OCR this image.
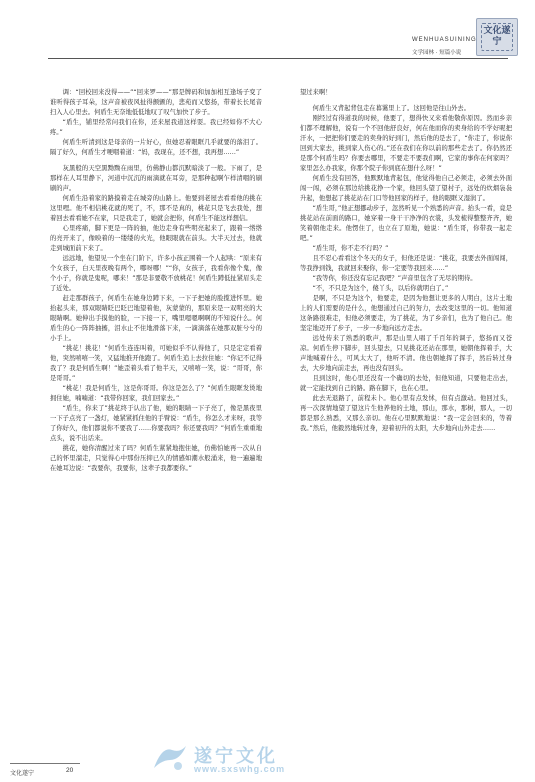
文化遂宁
WENHUASUINING
文学园林 · 短篇小说

调：“回校回来没得——”“回来罗——”那是牌码和加加相互逢场子变了谁听得孩子耳朵，这声音被夜风扯得颤颤的，悲苑而又悠扬，带着长长尾音扫入人心里去。何盾生无奈地低低地叹了叹气加快了步子。

“盾生，铺里经常问我们在你，还来屋我道这样耍。我已经如你不大心疼。”

何盾生听清到这是母亲的一片好心，但她忍着眼眶几乎就要的落泪了。隔了好久，何盾生才哽咽着道：“妈，我现在，还不想，我再想……”

灰黑般的天空黑黝黝在雨里，仿佛静山都沉默暗淡了一般。下雨了，是那样在人耳里静下，河道中沉沉的雨滴就在耳旁，是那种起啊乍样清咽的刷刷的声。

何盾生沿着家的路摸着走在城旁的山路上。他要到老屋去看看他的挑在这里哩。他不相信桃花就的死了，不，那不是真的，桃花只是飞去我处，想着回去看看她不在家，只是我走了，她就会把你，何盾生不能这样想信。

心里疼痛，脚下更是一阵的抽，他边走身有些明亮起来了，跟着一绺绺的亮开来了，像映着的一缕缕的火光，他眼眼就在前头。大半天过去，他就走到城面前下来了。

远远地，他望见一个坐在门阶下，许多小孩正围着一个人起哄：“原来有个女孩子，白天里夜晚有两个，哪呀哪！”“你，女孩子，我看你像个鬼，像个小子，你就是鬼呢，哪来！”那是非要敬不放桃花！何盾生蹲低扯紧眉头走了近处。

赶走那群孩子，何盾生在她身边蹲下来，一下子把她的脸揽进怀里。她抬起头来，那双眼睛眨巴眨巴地望着他，灰蒙蒙的，那原来是一双明亮的大眼睛啊。她伸出手摸他的脸，一下接一下，嘴里嗯嗯啊啊的不知说什么。何盾生的心一阵阵抽搐，泪水止不住地滑落下来，一滴滴落在她那双脏兮兮的小手上。

“挑花！挑花！”何盾生连连叫着，可她似乎不认得他了，只是定定看着他，突然嘻嘻一笑，又猛地推开他跑了。何盾生追上去拉住她：“你记不记得我了？我是何盾生啊！”她歪着头看了他半天，又嘻嘻一笑，说：“哥哥，你是哥哥。”

“桃花！我是何盾生，这是你哥哥。你这是怎么了？”何盾生眼眶发烫地拥住她，喃喃道：“我带你回家，我们回家去。”

“盾生，你来了”挑花终于认出了他，她的眼睛一下子亮了，像是黑夜里一下子点亮了一盏灯，她紧紧抓住他的手臂说：“盾生，你怎么才来呀，我等了你好久，他们都说你不要我了……你要我吗？你还要我吗？”何盾生重重地点头，说不出话来。

挑花，她你清醒过来了吗？何盾生紧紧地抱住她，仿佛怕她再一次从自己的怀里溜走，只觉得心中那份压抑已久的情感如潮水般涌来，他一遍遍地在她耳边说：“我要你，我要你，这辈子我都要你。”

望过来啊！

何盾生又背起背包走在暮霭里上了。这回他是往山外去。

刚经过有得道我的时候，他要了，想得快又来看他敬你原因。然而乡亲们都不理解他，说有一个不回他舒良好，何在他而你的卖身给的不学好呢把汗水，一把把你们要走的卖身的好到门，然后他的是去了，“你走了，你说你回到大家去，挑到家人伤心的。”还在我们在你以前的那些走去了。你仍然还是那个何盾生吗？你要去哪里，不要走不要我们啊，它家的事你在何家吗？家里怎么办我家，你那个院子你到底在想什么呀！”

何盾生没有回答，他默默地背起包，他觉得他自己必须走，必须去外面闯一闯，必须在那边给挑花挣一个家，他回头望了望村子，远处的炊烟袅袅升起，他想起了挑花站在门口等他回家的样子，他的眼眶又湿润了。

“盾生哥，”他正想挪动步子，忽然听见一个熟悉的声音。抬头一看，竟是挑花站在前面的路口，她穿着一身干干净净的衣裳，头发梳得整整齐齐，她笑着朝他走来。他愣住了，也立在了原地，她说：“盾生哥，你带我一起走吧。”

“盾生哥，你不走不行吗？”

且不忍心看看这个冬天的女子，但他还是说：“挑花，我要去外面闯闯，等我挣到钱，我就回来娶你，你一定要等我回来……”

“我等你，你还没有忘记我吧？”声音里包含了无尽的期待。

“不，不只是为这个，傻丫头，以后你就明白了。”

是啊，不只是为这个，他要走，是因为他想让更多的人明白，这片土地上的人们需要的是什么，他想通过自己的努力，去改变这里的一切。他知道这条路很难走，但他必须要走，为了挑花，为了乡亲们，也为了他自己。他坚定地迈开了步子，一步一步地向远方走去。

远处传来了熟悉的歌声，那是山里人唱了千百年的调子，悠扬而又苍凉。何盾生停下脚步，回头望去，只见挑花还站在那里，她朝他挥着手，大声地喊着什么，可风太大了，他听不清。他也朝她挥了挥手，然后转过身去，大步地向前走去，再也没有回头。

且到这时，他心里还没有一个确切的去处，但他知道，只要他走出去，就一定能找到自己的路。路在脚下，也在心里。

此去无退路了，前程未卜。他心里有点发怵，但有点激动。他回过头，再一次深情地望了望这片生他养他的土地，那山，那水，那树，那人，一切都是那么熟悉，又那么亲切。他在心里默默地说：“我一定会回来的，等着我。”然后，他毅然地转过身，迎着初升的太阳，大步地向山外走去……

文化遂宁	20
遂宁文化
www.sxswhg.com
